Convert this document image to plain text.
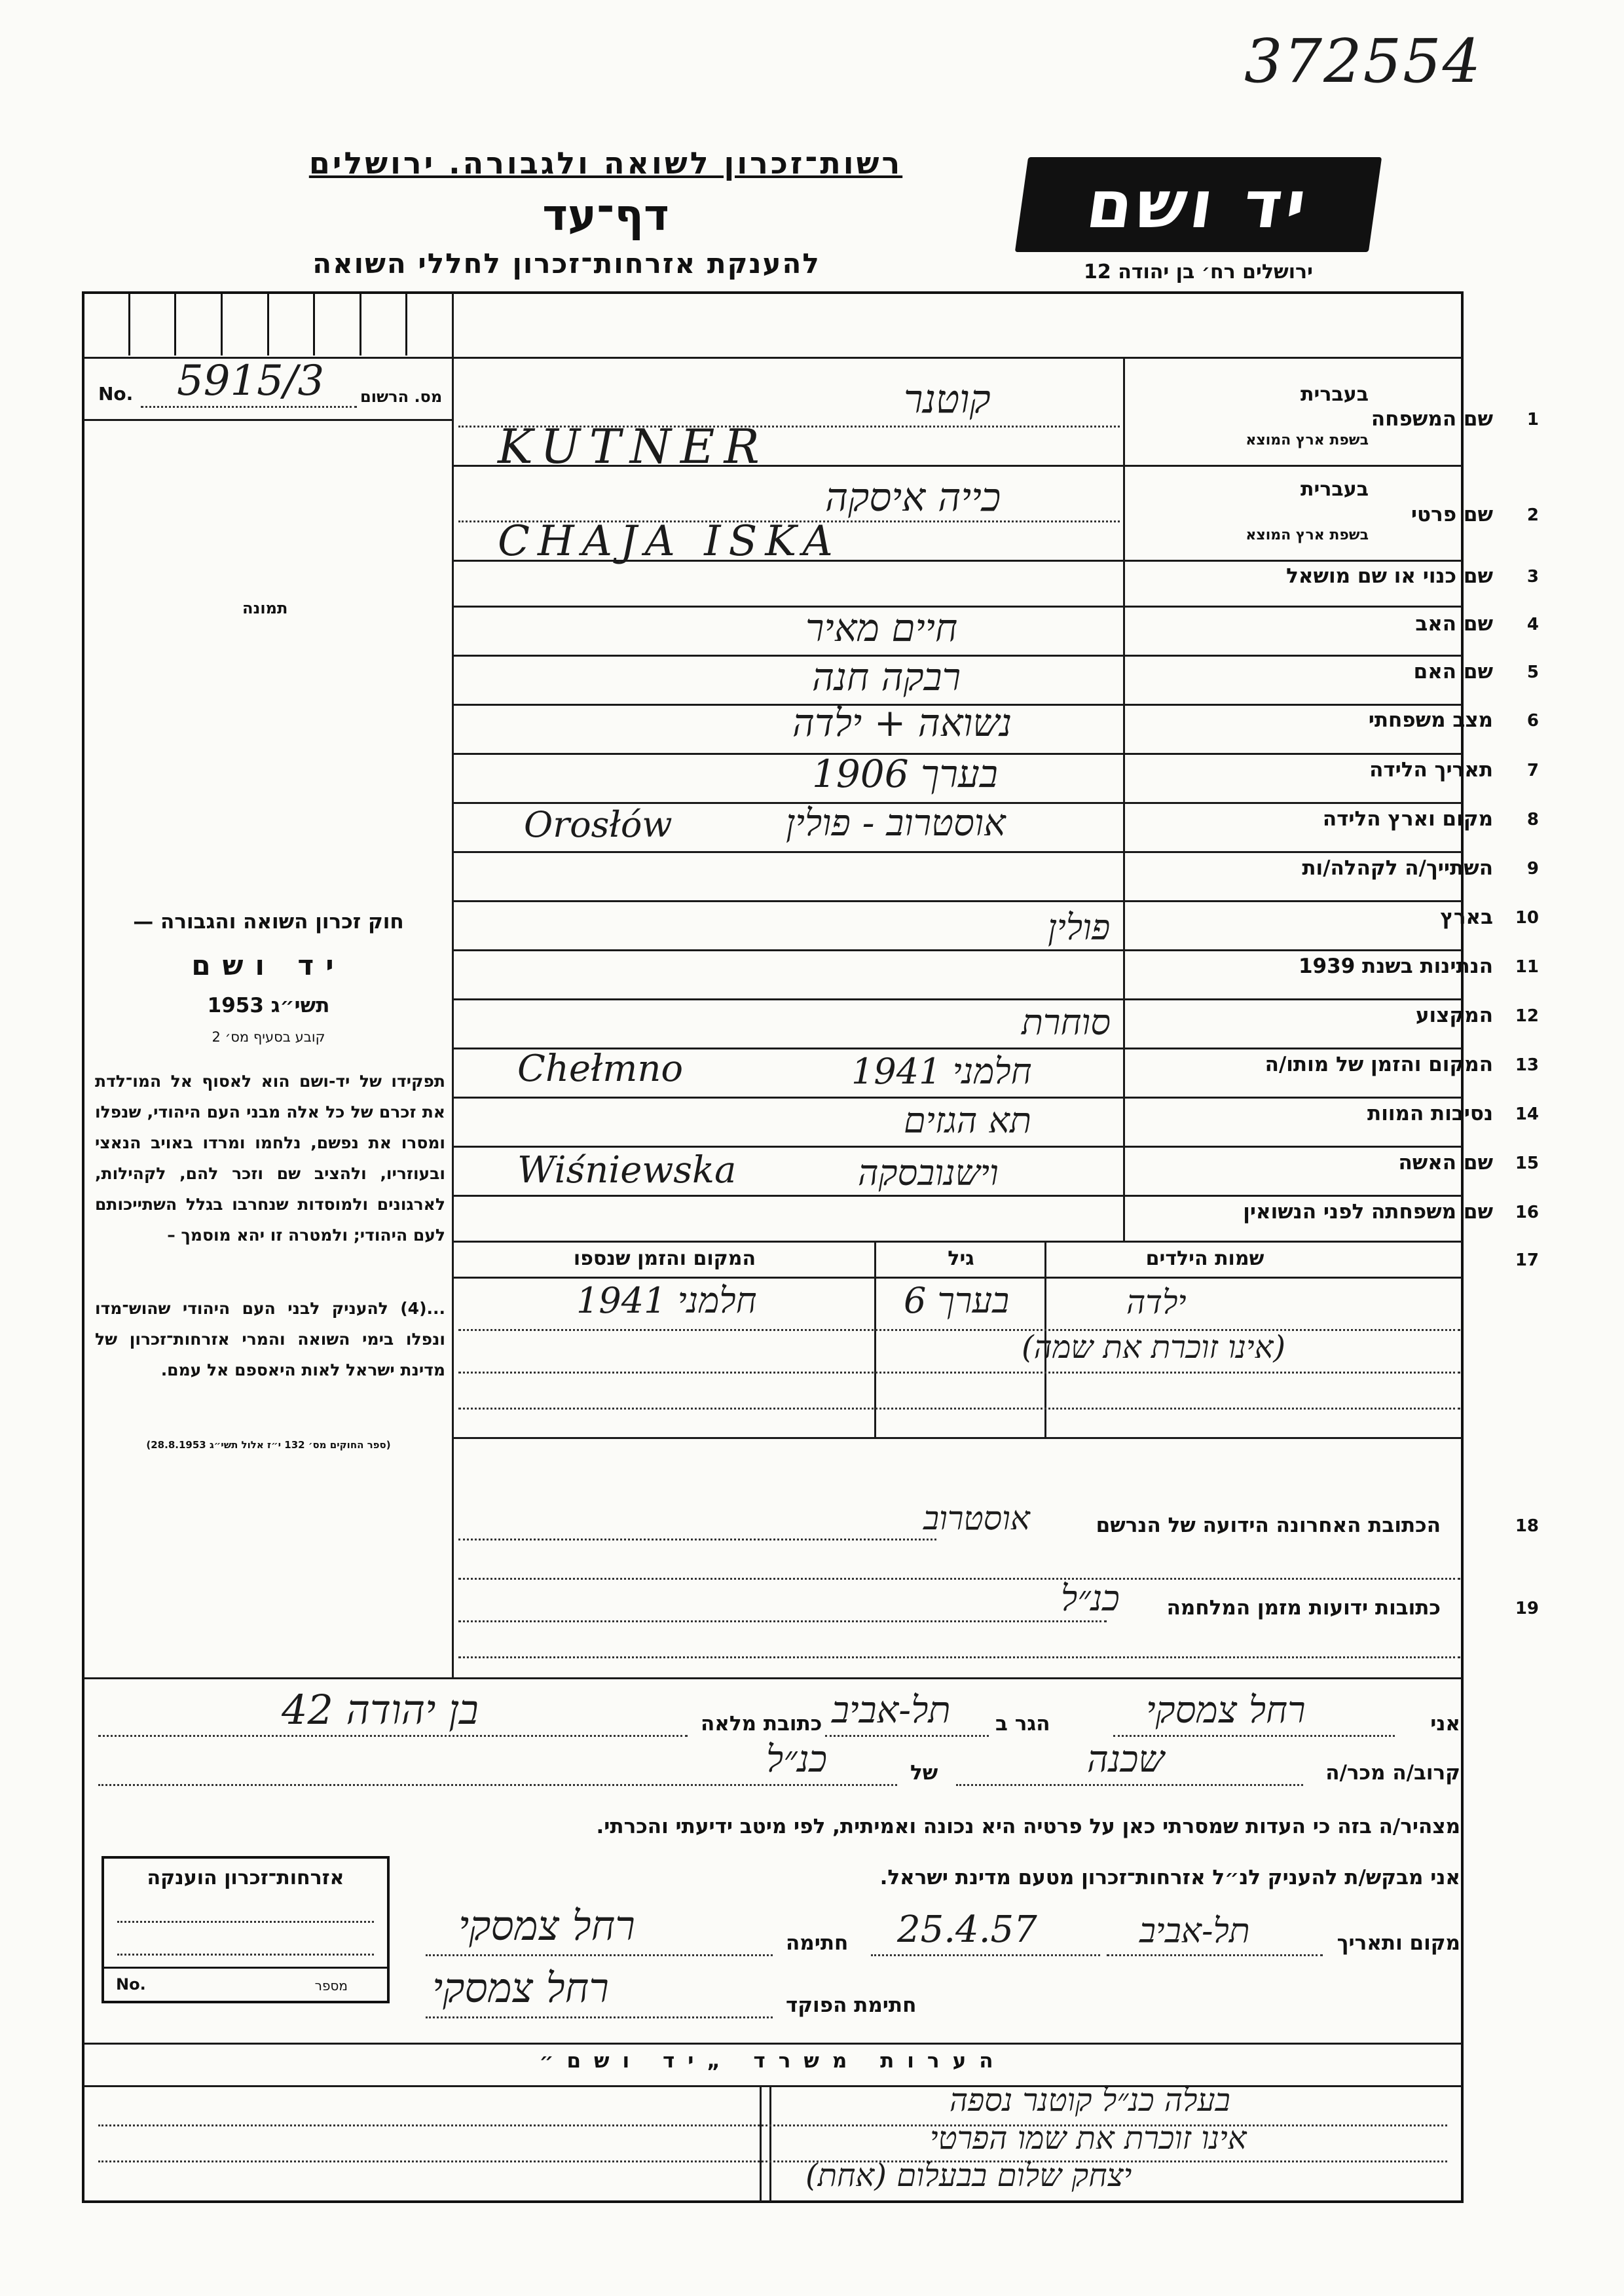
372554
רשות־זכרון לשואה ולגבורה. ירושלים
דף־עד
להענקת אזרחות־זכרון לחללי השואה
יד ושם
ירושלים רח׳ בן יהודה 12
No. 5915/3 מס. הרשום
תמונה
בעברית
בשפת ארץ המוצא
שם המשפחה 1
קוטנר
KUTNER
בעברית
בשפת ארץ המוצא
שם פרטי 2
כייה איסקה
CHAJA ISKA
שם כנוי או שם מושאל 3
שם האב 4
חיים מאיר
שם האם 5
רבקה חנה
מצב משפחתי 6
נשואה + ילדה
תאריך הלידה 7
1906 בערך
מקום וארץ הלידה 8
Orosłów	אוסטרוב - פולין
השתייך/ה לקהלה/ות 9
בארץ 10
פולין
הנתינות בשנת 1939 11
המקצוע 12
סוחרת
המקום והזמן של מותו/ה 13
Chełmno	חלמני 1941
נסיבות המוות 14
תא הגזים
שם האשה 15
Wiśniewska	וישנובסקה
שם משפחתה לפני הנשואין 16
שמות הילדים	17
גיל
המקום והזמן שנספו
חלמני 1941	6 בערך	ילדה
(אינו זוכרת את שמה)
הכתובת האחרונה הידועה של הנרשם	18
אוסטרוב
כתובות ידועות מזמן המלחמה	19
כנ״ל
חוק זכרון השואה והגבורה —
יד ושם
תשי״ג 1953
קובע בסעיף מס׳ 2
תפקידו של יד-ושם הוא לאסוף אל המו־לדת את זכרם של כל אלה מבני העם היהודי, שנפלו ומסרו את נפשם, נלחמו ומרדו באויב הנאצי ובעוזריו, ולהציב שם וזכר להם, לקהילות, לארגונים ולמוסדות שנחרבו בגלל השתייכותם לעם היהודי; ולמטרה זו יהא מוסמך –
...(4) להעניק לבני העם היהודי שהוש־מדו ונפלו בימי השואה והמרי אזרחות־זכרון של מדינת ישראל לאות היאספם אל עמם.
(ספר החוקים מס׳ 132 י״ז אלול תשי״ג 28.8.1953)
אני
רחל צמסקי
הגר ב
תל-אביב
כתובת מלאה
בן יהודה 42
קרוב/ה מכר/ה
שכנה
של
כנ״ל
מצהיר/ה בזה כי העדות שמסרתי כאן על פרטיה היא נכונה ואמיתית, לפי מיטב ידיעתי והכרתי.
אני מבקש/ת להעניק לנ״ל אזרחות־זכרון מטעם מדינת ישראל.
אזרחות־זכרון הוענקה
No.	מספר
מקום ותאריך
תל-אביב
25.4.57
חתימה
רחל צמסקי
חתימת הפוקד
רחל צמסקי
הערות משרד „יד ושם״
בעלה כנ״ל קוטנר נספה
אינו זוכרת את שמו הפרטי
יצחק שלום בבעלום (אחת)
